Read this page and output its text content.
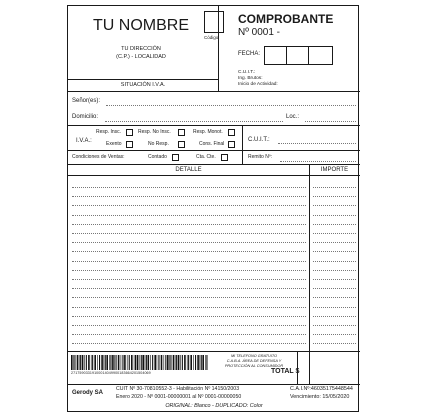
TU NOMBRE
TU DIRECCIÓN
(C.P.) - LOCALIDAD
Código
SITUACIÓN I.V.A.
COMPROBANTE
Nº 0001 -
FECHA:
C.U.I.T.:
Ing. Brutos:
Inicio de Actividad:
Señor(es):
Domicilio:	Loc.:
I.V.A.:
Resp. Insc.	Resp. No Insc.	Resp. Monot.
Exento	No Resp.	Cons. Final
C.U.I.T.:
Condiciones de Ventas:	Contado	Cta. Cte.	Remito Nº:
DETALLE	IMPORTE
27175903319100014049900183664201504069
MI TELEFONO GRATUITO
C.A.B.A. ÁREA DE DEFENSA Y
PROTECCIÓN AL CONSUMIDOR
TOTAL $
Gerody SA
CUIT Nº 30-70810552-3 - Habilitación Nº 14150/2003
Enero 2020 - Nº 0001-00000001 al Nº 0001-00000050
C.A.I.Nº:46035175448544
Vencimiento: 15/05/2020
ORIGINAL: Blanco - DUPLICADO: Color
